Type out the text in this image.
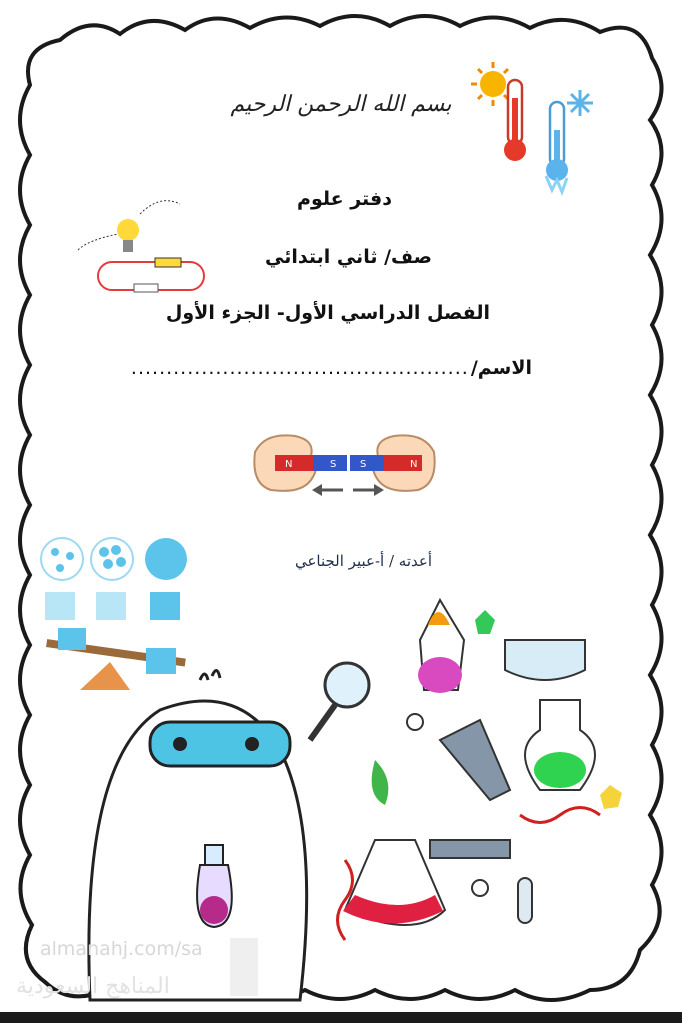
N	S S	N
بسم الله الرحمن الرحيم
دفتر علوم
صف/ ثاني ابتدائي
الفصل الدراسي الأول- الجزء الأول
الاسم/................................................
أعدته / أ-عبير الجناعي
almanahj.com/sa
المناهج السعودية
